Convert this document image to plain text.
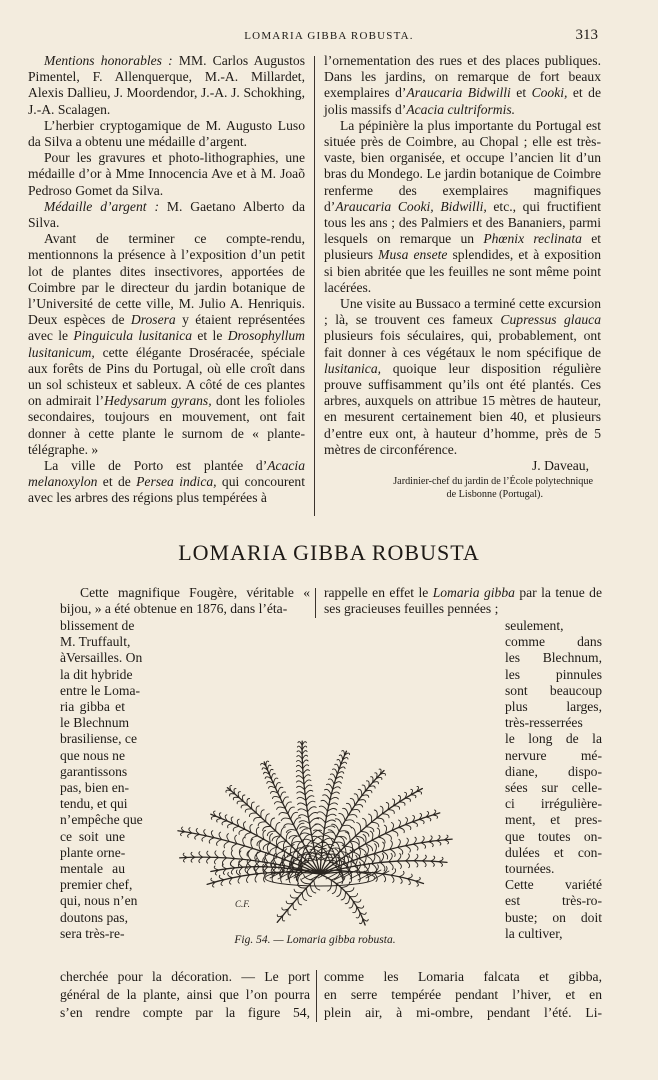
LOMARIA GIBBA ROBUSTA.	313

Mentions honorables : MM. Carlos Augustos Pimentel, F. Allenquerque, M.-A. Millardet, Alexis Dallieu, J. Moordendor, J.-A. J. Schokhing, J.-A. Scalagen.

L’herbier cryptogamique de M. Augusto Luso da Silva a obtenu une médaille d’argent.

Pour les gravures et photo-lithographies, une médaille d’or à Mme Innocencia Ave et à M. Joaõ Pedroso Gomet da Silva.

Médaille d’argent : M. Gaetano Alberto da Silva.

Avant de terminer ce compte-rendu, mentionnons la présence à l’exposition d’un petit lot de plantes dites insectivores, apportées de Coimbre par le directeur du jardin botanique de l’Université de cette ville, M. Julio A. Henriquis. Deux espèces de Drosera y étaient représentées avec le Pinguicula lusitanica et le Drosophyllum lusitanicum, cette élégante Droséracée, spéciale aux forêts de Pins du Portugal, où elle croît dans un sol schisteux et sableux. A côté de ces plantes on admirait l’Hedysarum gyrans, dont les folioles secondaires, toujours en mouvement, ont fait donner à cette plante le surnom de « plante-télégraphe. »

La ville de Porto est plantée d’Acacia melanoxylon et de Persea indica, qui concourent avec les arbres des régions plus tempérées à

l’ornementation des rues et des places publiques. Dans les jardins, on remarque de fort beaux exemplaires d’Araucaria Bidwilli et Cooki, et de jolis massifs d’Acacia cultriformis.

La pépinière la plus importante du Portugal est située près de Coimbre, au Chopal ; elle est très-vaste, bien organisée, et occupe l’ancien lit d’un bras du Mondego. Le jardin botanique de Coimbre renferme des exemplaires magnifiques d’Araucaria Cooki, Bidwilli, etc., qui fructifient tous les ans ; des Palmiers et des Bananiers, parmi lesquels on remarque un Phœnix reclinata et plusieurs Musa ensete splendides, et à exposition si bien abritée que les feuilles ne sont même point lacérées.

Une visite au Bussaco a terminé cette excursion ; là, se trouvent ces fameux Cupressus glauca plusieurs fois séculaires, qui, probablement, ont fait donner à ces végétaux le nom spécifique de lusitanica, quoique leur disposition régulière prouve suffisamment qu’ils ont été plantés. Ces arbres, auxquels on attribue 15 mètres de hauteur, en mesurent certainement bien 40, et plusieurs d’entre eux ont, à hauteur d’homme, près de 5 mètres de circonférence.

J. Daveau,
Jardinier-chef du jardin de l’École polytechnique
de Lisbonne (Portugal).
LOMARIA GIBBA ROBUSTA
Cette magnifique Fougère, véritable « bijou, » a été obtenue en 1876, dans l’éta-
rappelle en effet le Lomaria gibba par la tenue de ses gracieuses feuilles pennées ;
blissement de
M. Truffault,
àVersailles. On
la dit hybride
entre le Loma-
ria gibba et
le Blechnum
brasiliense, ce
que nous ne
garantissons
pas, bien en-
tendu, et qui
n’empêche que
ce soit une
plante orne-
mentale au
premier chef,
qui, nous n’en
doutons pas,
sera très-re-
seulement,
comme dans
les Blechnum,
les pinnules
sont beaucoup
plus larges,
très-resserrées
le long de la
nervure mé-
diane, dispo-
sées sur celle-
ci irrégulière-
ment, et pres-
que toutes on-
dulées et con-
tournées.
Cette variété
est très-ro-
buste; on doit
la cultiver,
C.F.
Fig. 54. — Lomaria gibba robusta.
cherchée pour la décoration. — Le port
général de la plante, ainsi que l’on pourra
s’en rendre compte par la figure 54,
comme les Lomaria falcata et gibba,
en serre tempérée pendant l’hiver, et en
plein air, à mi-ombre, pendant l’été. Li-
